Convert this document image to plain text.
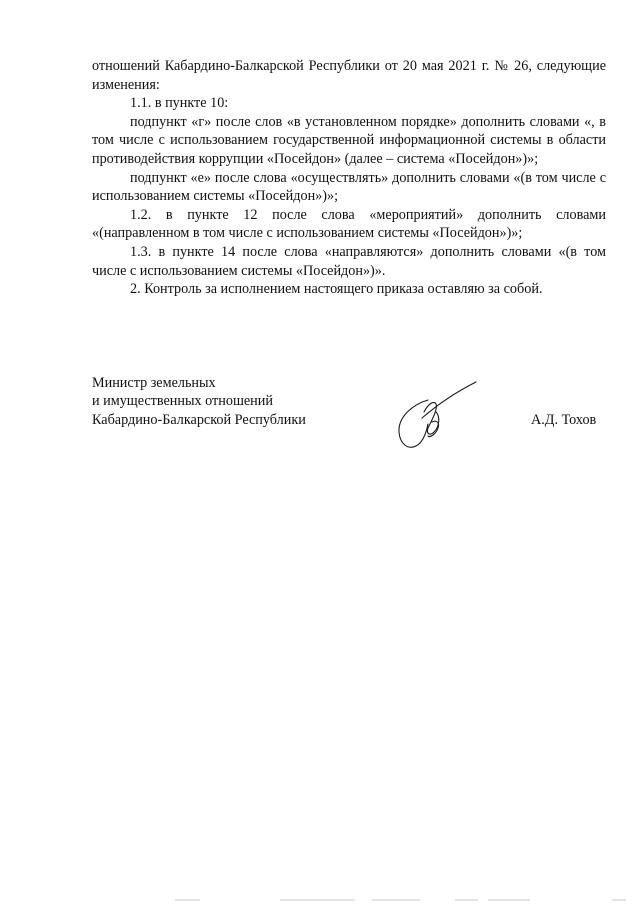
отношений Кабардино-Балкарской Республики от 20 мая 2021 г. № 26, следующие изменения:

1.1. в пункте 10:

подпункт «г» после слов «в установленном порядке» дополнить словами «, в том числе с использованием государственной информационной системы в области противодействия коррупции «Посейдон» (далее – система «Посейдон»)»;

подпункт «е» после слова «осуществлять» дополнить словами «(в том числе с использованием системы «Посейдон»)»;

1.2. в пункте 12 после слова «мероприятий» дополнить словами «(направленном в том числе с использованием системы «Посейдон»)»;

1.3. в пункте 14 после слова «направляются» дополнить словами «(в том числе с использованием системы «Посейдон»)».

2. Контроль за исполнением настоящего приказа оставляю за собой.

Министр земельных
и имущественных отношений
Кабардино-Балкарской Республики	А.Д. Тохов
